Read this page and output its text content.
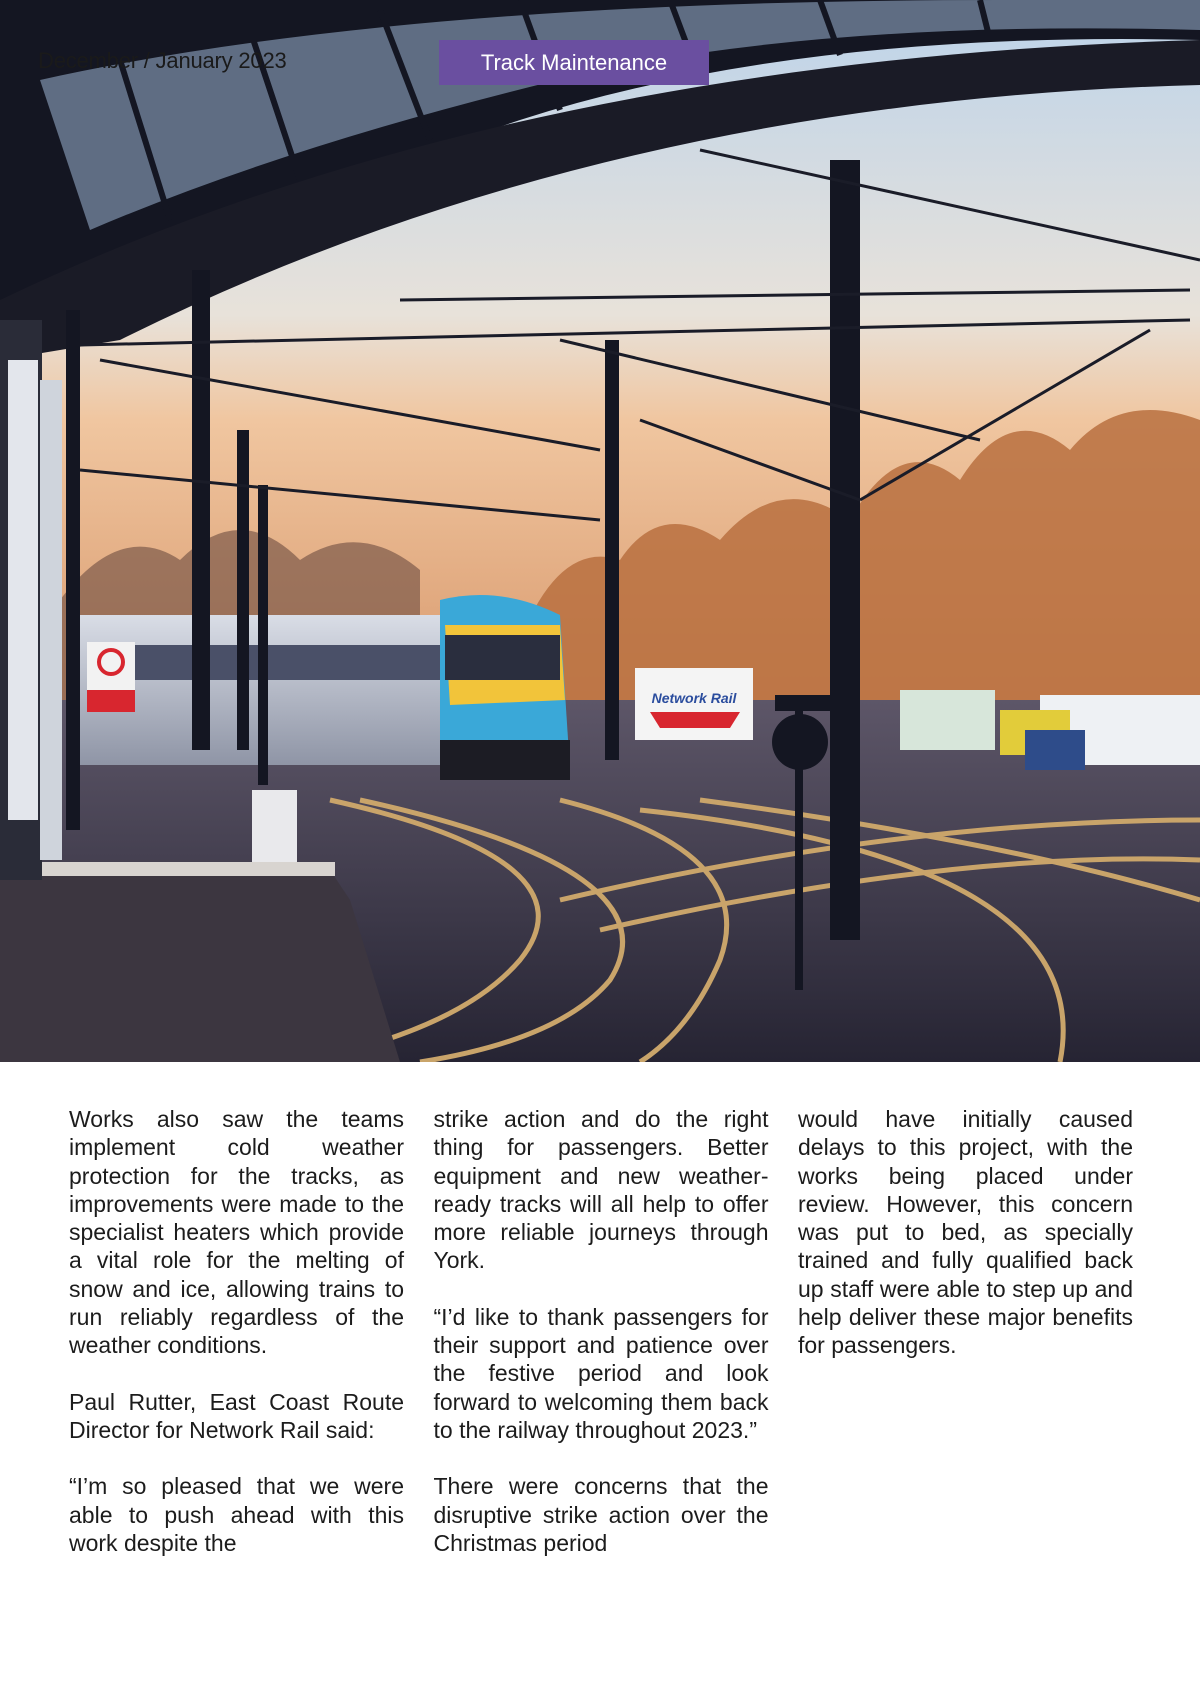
Network Rail
December / January 2023	Track Maintenance

Works also saw the teams implement cold weather protection for the tracks, as improvements were made to the specialist heaters which provide a vital role for the melting of snow and ice, allowing trains to run reliably regardless of the weather conditions.

Paul Rutter, East Coast Route Director for Network Rail said:

“I’m so pleased that we were able to push ahead with this work despite the

strike action and do the right thing for passengers. Better equipment and new weather-ready tracks will all help to offer more reliable journeys through York.

“I’d like to thank passengers for their support and patience over the festive period and look forward to welcoming them back to the railway throughout 2023.”

There were concerns that the disruptive strike action over the Christmas period

would have initially caused delays to this project, with the works being placed under review. However, this concern was put to bed, as specially trained and fully qualified back up staff were able to step up and help deliver these major benefits for passengers.
